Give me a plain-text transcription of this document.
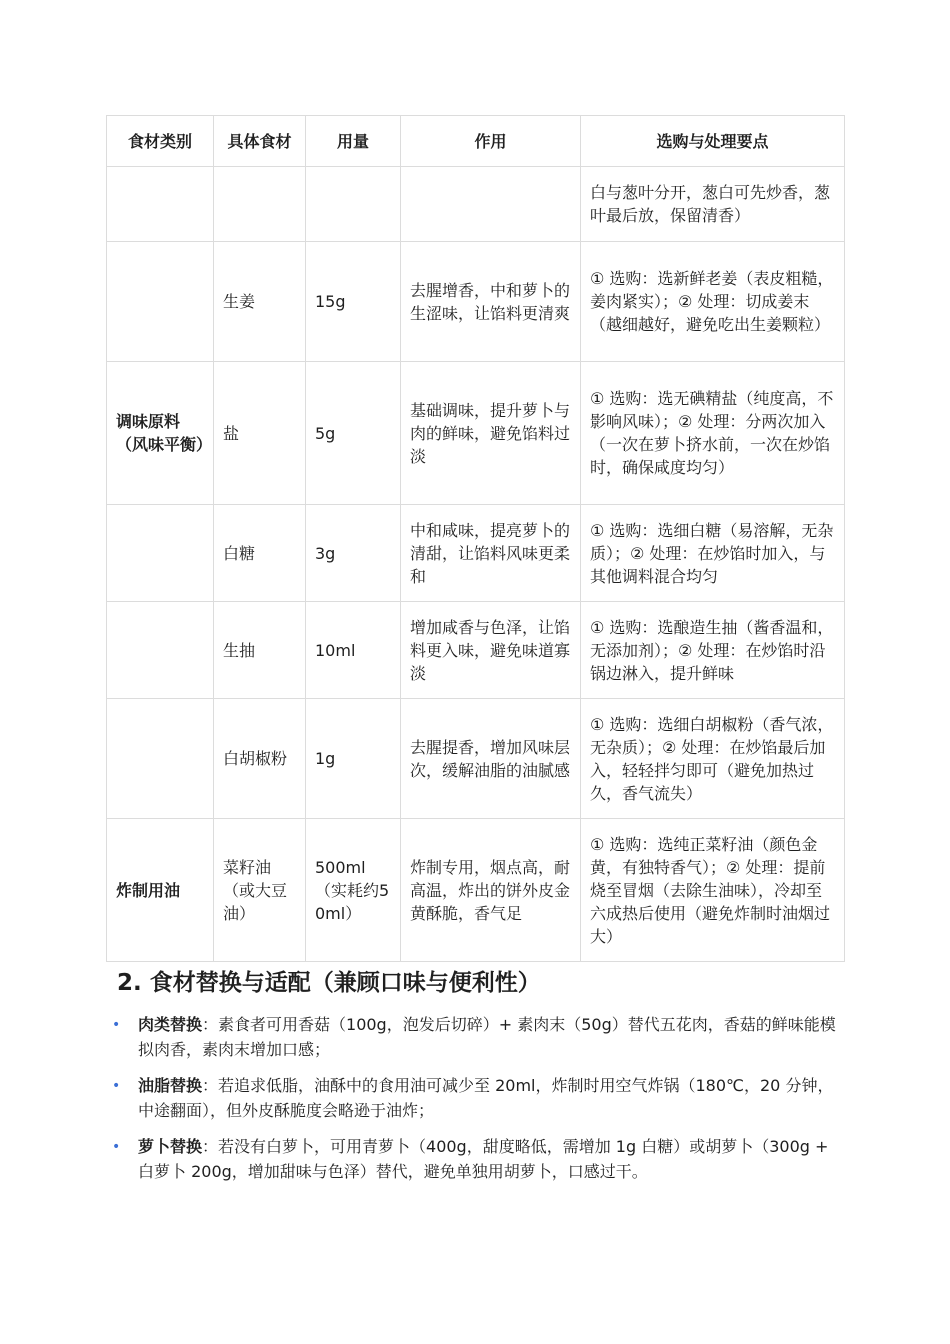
食材类别	具体食材	用量	作用	选购与处理要点
				白与葱叶分开，葱白可先炒香，葱叶最后放，保留清香）
	生姜	15g	去腥增香，中和萝卜的生涩味，让馅料更清爽	① 选购：选新鲜老姜（表皮粗糙，姜肉紧实）；② 处理：切成姜末（越细越好，避免吃出生姜颗粒）
调味原料（风味平衡）	盐	5g	基础调味，提升萝卜与肉的鲜味，避免馅料过淡	① 选购：选无碘精盐（纯度高，不影响风味）；② 处理：分两次加入（一次在萝卜挤水前，一次在炒馅时，确保咸度均匀）
	白糖	3g	中和咸味，提亮萝卜的清甜，让馅料风味更柔和	① 选购：选细白糖（易溶解，无杂质）；② 处理：在炒馅时加入，与其他调料混合均匀
	生抽	10ml	增加咸香与色泽，让馅料更入味，避免味道寡淡	① 选购：选酿造生抽（酱香温和，无添加剂）；② 处理：在炒馅时沿锅边淋入，提升鲜味
	白胡椒粉	1g	去腥提香，增加风味层次，缓解油脂的油腻感	① 选购：选细白胡椒粉（香气浓，无杂质）；② 处理：在炒馅最后加入，轻轻拌匀即可（避免加热过久，香气流失）
炸制用油	菜籽油（或大豆油）	500ml（实耗约50ml）	炸制专用，烟点高，耐高温，炸出的饼外皮金黄酥脆，香气足	① 选购：选纯正菜籽油（颜色金黄，有独特香气）；② 处理：提前烧至冒烟（去除生油味），冷却至六成热后使用（避免炸制时油烟过大）
2. 食材替换与适配（兼顾口味与便利性）
• 肉类替换：素食者可用香菇（100g，泡发后切碎）+ 素肉末（50g）替代五花肉，香菇的鲜味能模拟肉香，素肉末增加口感；
• 油脂替换：若追求低脂，油酥中的食用油可减少至 20ml，炸制时用空气炸锅（180℃，20 分钟，中途翻面），但外皮酥脆度会略逊于油炸；
• 萝卜替换：若没有白萝卜，可用青萝卜（400g，甜度略低，需增加 1g 白糖）或胡萝卜（300g + 白萝卜 200g，增加甜味与色泽）替代，避免单独用胡萝卜，口感过干。
